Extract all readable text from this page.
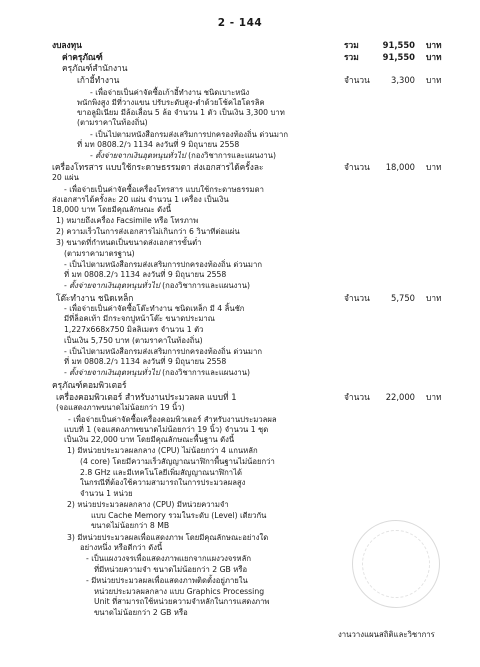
2 - 144
งบลงทุน	รวม	91,550 บาท
ค่าครุภัณฑ์	รวม	91,550 บาท
ครุภัณฑ์สำนักงาน
เก้าอี้ทำงาน	จำนวน	3,300 บาท
- เพื่อจ่ายเป็นค่าจัดซื้อเก้าอี้ทำงาน ชนิดเบาะหนัง
พนักพิงสูง มีที่วางแขน ปรับระดับสูง-ต่ำด้วยโช้คไฮโดรลิค
ขาอลูมิเนียม มีล้อเลื่อน 5 ล้อ จำนวน 1 ตัว เป็นเงิน 3,300 บาท
(ตามราคาในท้องถิ่น)
- เป็นไปตามหนังสือกรมส่งเสริมการปกครองท้องถิ่น ด่วนมาก
ที่ มท 0808.2/ว 1134 ลงวันที่ 9 มิถุนายน 2558
- ตั้งจ่ายจากเงินอุดหนุนทั่วไป (กองวิชาการและแผนงาน)
เครื่องโทรสาร แบบใช้กระดาษธรรมดา ส่งเอกสารได้ครั้งละ	จำนวน 18,000 บาท
20 แผ่น
- เพื่อจ่ายเป็นค่าจัดซื้อเครื่องโทรสาร แบบใช้กระดาษธรรมดา
ส่งเอกสารได้ครั้งละ 20 แผ่น จำนวน 1 เครื่อง เป็นเงิน
18,000 บาท โดยมีคุณลักษณะ ดังนี้
1) หมายถึงเครื่อง Facsimile หรือ โทรภาพ
2) ความเร็วในการส่งเอกสารไม่เกินกว่า 6 วินาทีต่อแผ่น
3) ขนาดที่กำหนดเป็นขนาดส่งเอกสารขั้นต่ำ
(ตามราคามาตรฐาน)
- เป็นไปตามหนังสือกรมส่งเสริมการปกครองท้องถิ่น ด่วนมาก
ที่ มท 0808.2/ว 1134 ลงวันที่ 9 มิถุนายน 2558
- ตั้งจ่ายจากเงินอุดหนุนทั่วไป (กองวิชาการและแผนงาน)
โต๊ะทำงาน ชนิดเหล็ก	จำนวน	5,750 บาท
- เพื่อจ่ายเป็นค่าจัดซื้อโต๊ะทำงาน ชนิดเหล็ก มี 4 ลิ้นชัก
มีที่ล็อคเท้า มีกระจกปูหน้าโต๊ะ ขนาดประมาณ
1,227x668x750 มิลลิเมตร จำนวน 1 ตัว
เป็นเงิน 5,750 บาท (ตามราคาในท้องถิ่น)
- เป็นไปตามหนังสือกรมส่งเสริมการปกครองท้องถิ่น ด่วนมาก
ที่ มท 0808.2/ว 1134 ลงวันที่ 9 มิถุนายน 2558
- ตั้งจ่ายจากเงินอุดหนุนทั่วไป (กองวิชาการและแผนงาน)
ครุภัณฑ์คอมพิวเตอร์
เครื่องคอมพิวเตอร์ สำหรับงานประมวลผล แบบที่ 1	จำนวน 22,000 บาท
(จอแสดงภาพขนาดไม่น้อยกว่า 19 นิ้ว)
- เพื่อจ่ายเป็นค่าจัดซื้อเครื่องคอมพิวเตอร์ สำหรับงานประมวลผล
แบบที่ 1 (จอแสดงภาพขนาดไม่น้อยกว่า 19 นิ้ว) จำนวน 1 ชุด
เป็นเงิน 22,000 บาท โดยมีคุณลักษณะพื้นฐาน ดังนี้
1) มีหน่วยประมวลผลกลาง (CPU) ไม่น้อยกว่า 4 แกนหลัก
(4 core) โดยมีความเร็วสัญญาณนาฬิกาพื้นฐานไม่น้อยกว่า
2.8 GHz และมีเทคโนโลยีเพิ่มสัญญาณนาฬิกาได้
ในกรณีที่ต้องใช้ความสามารถในการประมวลผลสูง
จำนวน 1 หน่วย
2) หน่วยประมวลผลกลาง (CPU) มีหน่วยความจำ
แบบ Cache Memory รวมในระดับ (Level) เดียวกัน
ขนาดไม่น้อยกว่า 8 MB
3) มีหน่วยประมวลผลเพื่อแสดงภาพ โดยมีคุณลักษณะอย่างใด
อย่างหนึ่ง หรือดีกว่า ดังนี้
- เป็นแผงวงจรเพื่อแสดงภาพแยกจากแผงวงจรหลัก
ที่มีหน่วยความจำ ขนาดไม่น้อยกว่า 2 GB หรือ
- มีหน่วยประมวลผลเพื่อแสดงภาพติดตั้งอยู่ภายใน
หน่วยประมวลผลกลาง แบบ Graphics Processing
Unit ที่สามารถใช้หน่วยความจำหลักในการแสดงภาพ
ขนาดไม่น้อยกว่า 2 GB หรือ
งานวางแผนสถิติและวิชาการ
